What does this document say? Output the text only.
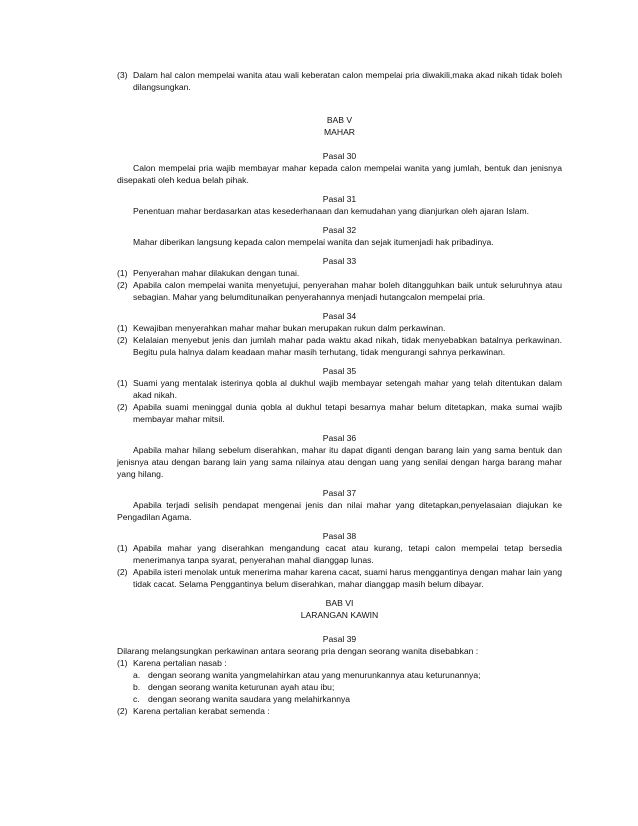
(3) Dalam hal calon mempelai wanita atau wali keberatan calon mempelai pria diwakili,maka akad nikah tidak boleh dilangsungkan.
BAB V
MAHAR
Pasal 30
Calon mempelai pria wajib membayar mahar kepada calon mempelai wanita yang jumlah, bentuk dan jenisnya disepakati oleh kedua belah pihak.
Pasal 31
Penentuan mahar berdasarkan atas kesederhanaan dan kemudahan yang dianjurkan oleh ajaran Islam.
Pasal 32
Mahar diberikan langsung kepada calon mempelai wanita dan sejak itumenjadi hak pribadinya.
Pasal 33
(1) Penyerahan mahar dilakukan dengan tunai.
(2) Apabila calon mempelai wanita menyetujui, penyerahan mahar boleh ditangguhkan baik untuk seluruhnya atau sebagian. Mahar yang belumditunaikan penyerahannya menjadi hutangcalon mempelai pria.
Pasal 34
(1) Kewajiban menyerahkan mahar mahar bukan merupakan rukun dalm perkawinan.
(2) Kelalaian menyebut jenis dan jumlah mahar pada waktu akad nikah, tidak menyebabkan batalnya perkawinan. Begitu pula halnya dalam keadaan mahar masih terhutang, tidak mengurangi sahnya perkawinan.
Pasal 35
(1) Suami yang mentalak isterinya qobla al dukhul wajib membayar setengah mahar yang telah ditentukan dalam akad nikah.
(2) Apabila suami meninggal dunia qobla al dukhul tetapi besarnya mahar belum ditetapkan, maka sumai wajib membayar mahar mitsil.
Pasal 36
Apabila mahar hilang sebelum diserahkan, mahar itu dapat diganti dengan barang lain yang sama bentuk dan jenisnya atau dengan barang lain yang sama nilainya atau dengan uang yang senilai dengan harga barang mahar yang hilang.
Pasal 37
Apabila terjadi selisih pendapat mengenai jenis dan nilai mahar yang ditetapkan,penyelasaian diajukan ke Pengadilan Agama.
Pasal 38
(1) Apabila mahar yang diserahkan mengandung cacat atau kurang, tetapi calon mempelai tetap bersedia menerimanya tanpa syarat, penyerahan mahal dianggap lunas.
(2) Apabila isteri menolak untuk menerima mahar karena cacat, suami harus menggantinya dengan mahar lain yang tidak cacat. Selama Penggantinya belum diserahkan, mahar dianggap masih belum dibayar.
BAB VI
LARANGAN KAWIN
Pasal 39
Dilarang melangsungkan perkawinan antara seorang pria dengan seorang wanita disebabkan :
(1) Karena pertalian nasab :
a. dengan seorang wanita yangmelahirkan atau yang menurunkannya atau keturunannya;
b. dengan seorang wanita keturunan ayah atau ibu;
c. dengan seorang wanita saudara yang melahirkannya
(2) Karena pertalian kerabat semenda :
